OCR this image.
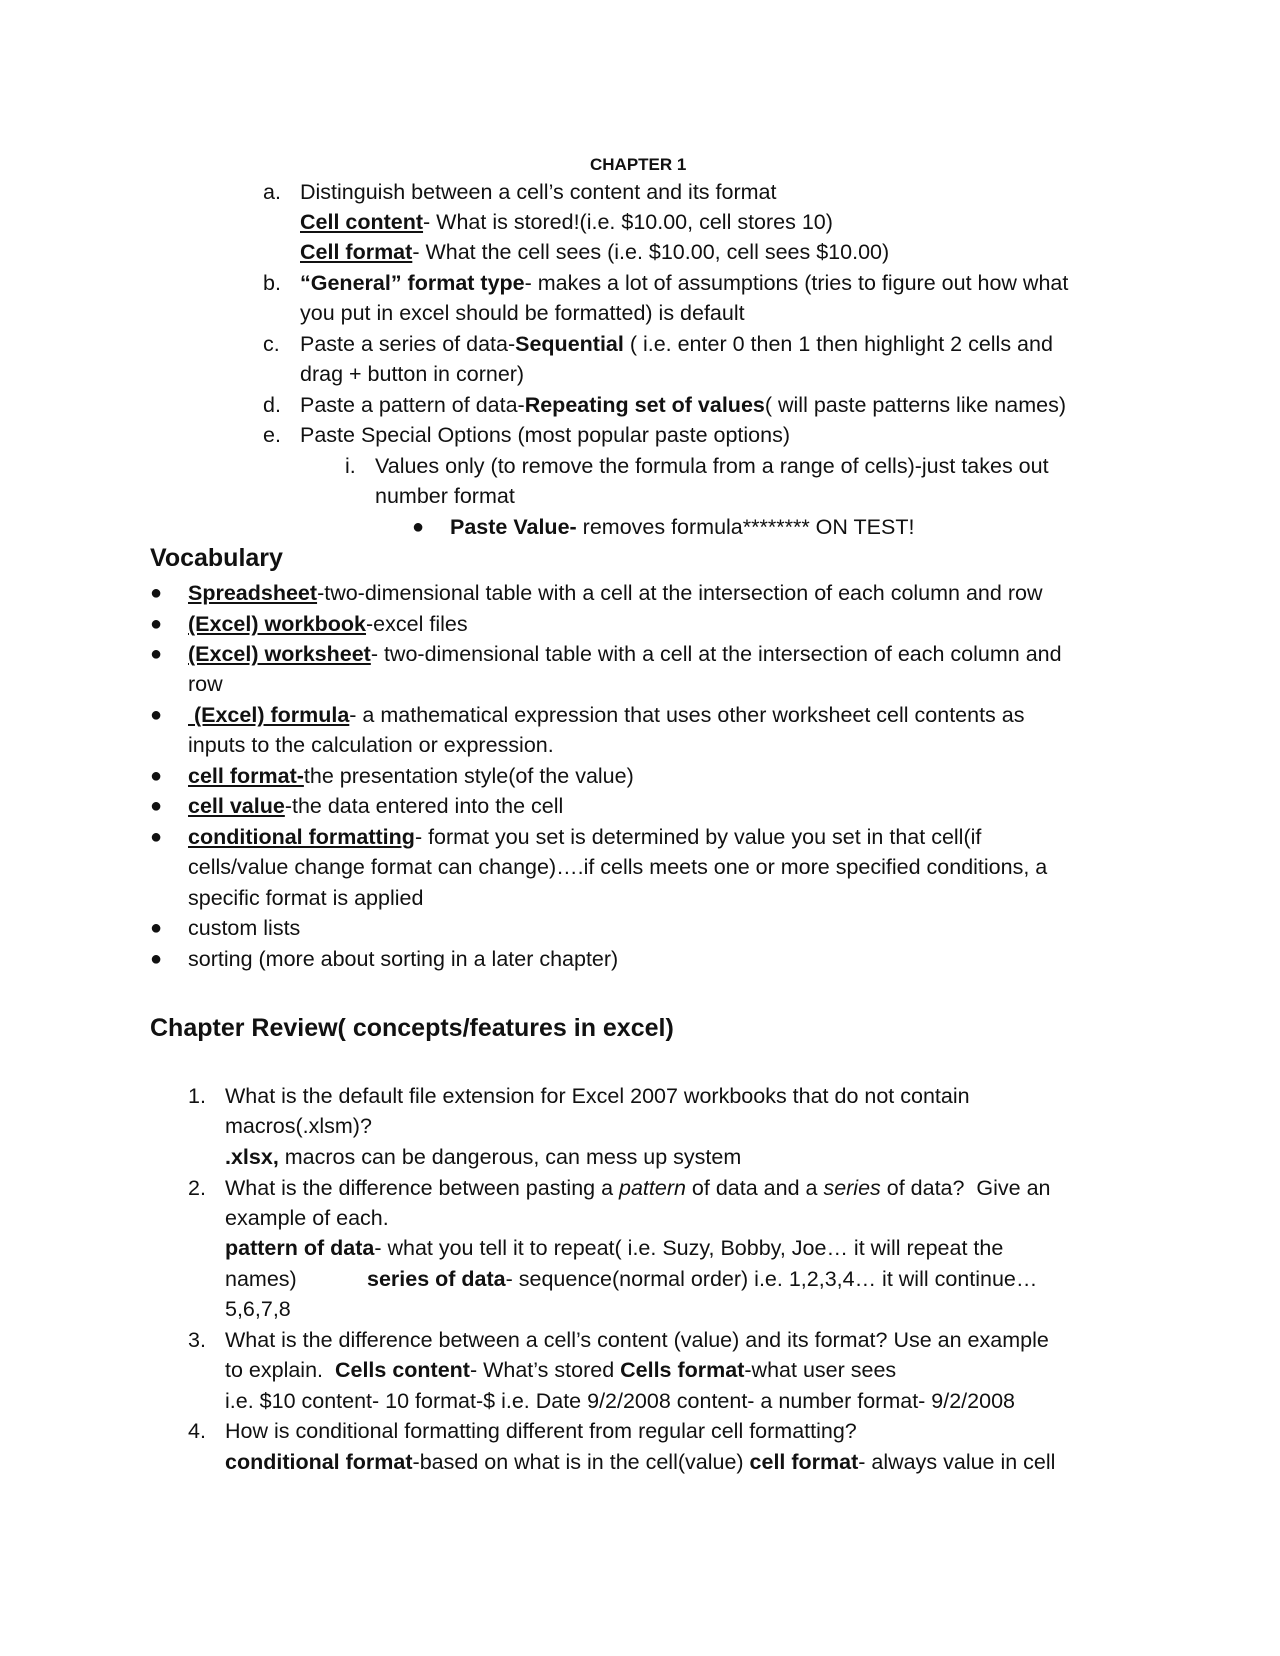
CHAPTER 1
a. Distinguish between a cell’s content and its format
Cell content- What is stored!(i.e. $10.00, cell stores 10)
Cell format- What the cell sees (i.e. $10.00, cell sees $10.00)
b. “General” format type- makes a lot of assumptions (tries to figure out how what
you put in excel should be formatted) is default
c. Paste a series of data-Sequential ( i.e. enter 0 then 1 then highlight 2 cells and
drag + button in corner)
d. Paste a pattern of data-Repeating set of values( will paste patterns like names)
e. Paste Special Options (most popular paste options)
i. Values only (to remove the formula from a range of cells)-just takes out
number format
● Paste Value- removes formula******** ON TEST!
Vocabulary
● Spreadsheet-two-dimensional table with a cell at the intersection of each column and row
● (Excel) workbook-excel files
● (Excel) worksheet- two-dimensional table with a cell at the intersection of each column and
row
● (Excel) formula- a mathematical expression that uses other worksheet cell contents as
inputs to the calculation or expression.
● cell format-the presentation style(of the value)
● cell value-the data entered into the cell
● conditional formatting- format you set is determined by value you set in that cell(if
cells/value change format can change)….if cells meets one or more specified conditions, a
specific format is applied
● custom lists
● sorting (more about sorting in a later chapter)
Chapter Review( concepts/features in excel)
1. What is the default file extension for Excel 2007 workbooks that do not contain
macros(.xlsm)?
.xlsx, macros can be dangerous, can mess up system
2. What is the difference between pasting a pattern of data and a series of data?  Give an
example of each.
pattern of data- what you tell it to repeat( i.e. Suzy, Bobby, Joe… it will repeat the
names)	series of data- sequence(normal order) i.e. 1,2,3,4… it will continue…
5,6,7,8
3. What is the difference between a cell’s content (value) and its format? Use an example
to explain.  Cells content- What’s stored Cells format-what user sees
i.e. $10 content- 10 format-$ i.e. Date 9/2/2008 content- a number format- 9/2/2008
4. How is conditional formatting different from regular cell formatting?
conditional format-based on what is in the cell(value) cell format- always value in cell
